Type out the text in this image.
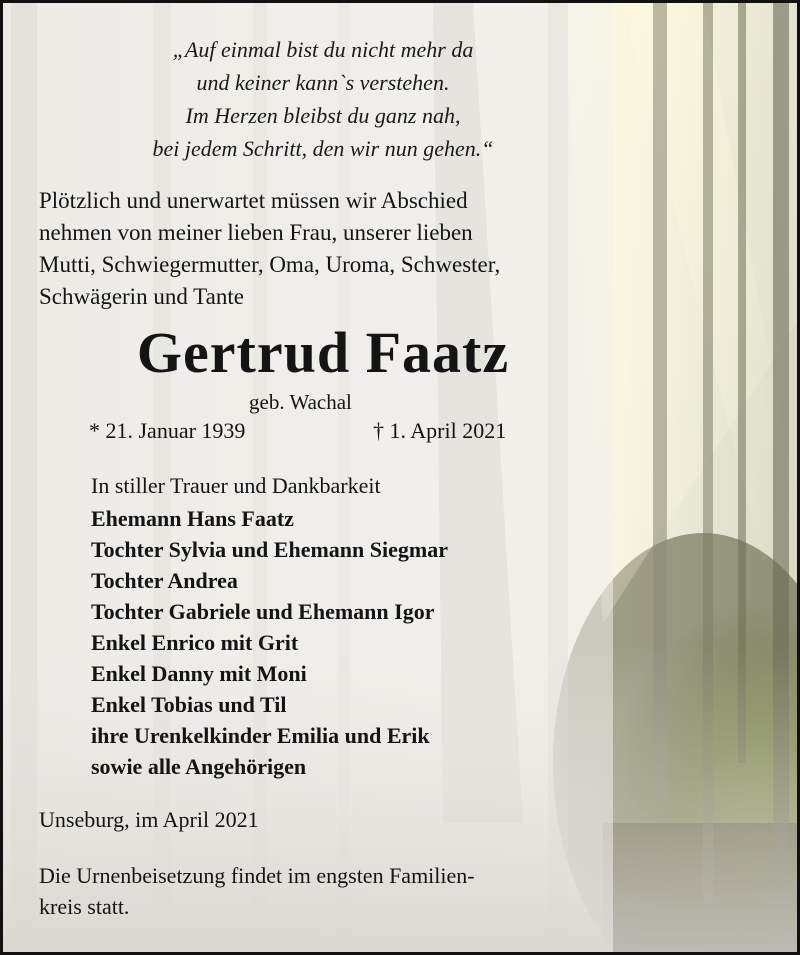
„Auf einmal bist du nicht mehr da
und keiner kann`s verstehen.
Im Herzen bleibst du ganz nah,
bei jedem Schritt, den wir nun gehen.“
Plötzlich und unerwartet müssen wir Abschied
nehmen von meiner lieben Frau, unserer lieben
Mutti, Schwiegermutter, Oma, Uroma, Schwester,
Schwägerin und Tante
Gertrud Faatz
geb. Wachal
* 21. Januar 1939	† 1. April 2021
In stiller Trauer und Dankbarkeit
Ehemann Hans Faatz
Tochter Sylvia und Ehemann Siegmar
Tochter Andrea
Tochter Gabriele und Ehemann Igor
Enkel Enrico mit Grit
Enkel Danny mit Moni
Enkel Tobias und Til
ihre Urenkelkinder Emilia und Erik
sowie alle Angehörigen
Unseburg, im April 2021
Die Urnenbeisetzung findet im engsten Familien-
kreis statt.
